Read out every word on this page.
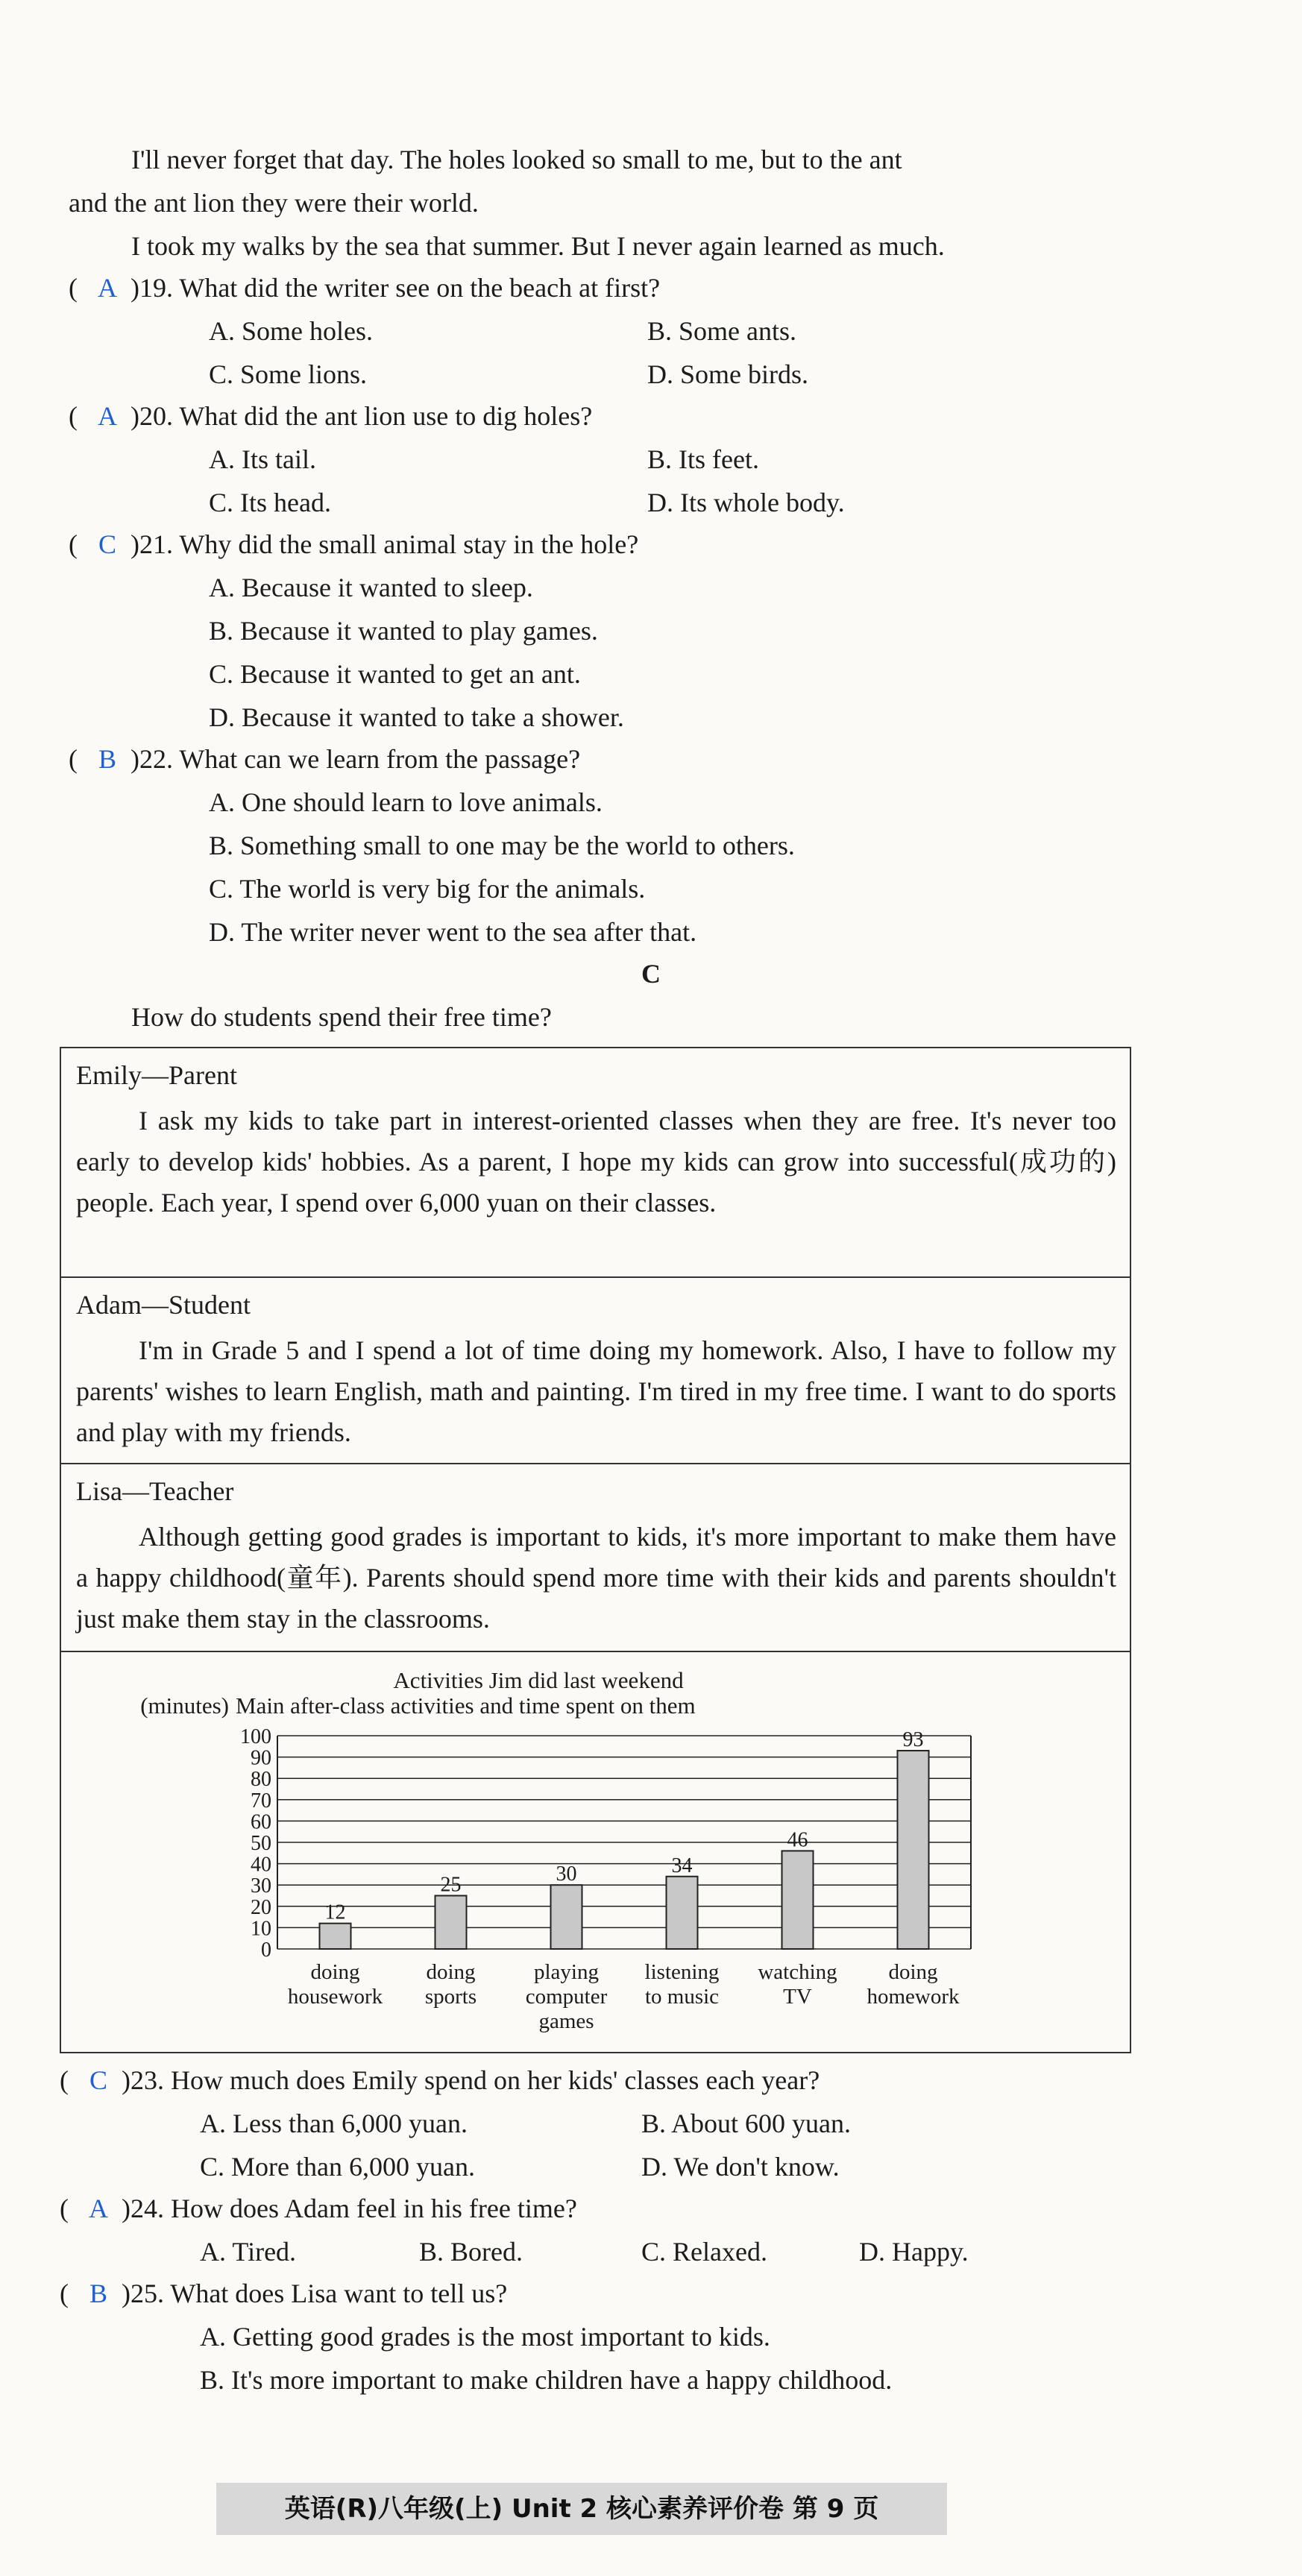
I'll never forget that day. The holes looked so small to me, but to the ant
and the ant lion they were their world.
I took my walks by the sea that summer. But I never again learned as much.
( A )19. What did the writer see on the beach at first?
A. Some holes.	B. Some ants.
C. Some lions.	D. Some birds.
( A )20. What did the ant lion use to dig holes?
A. Its tail.	B. Its feet.
C. Its head.	D. Its whole body.
( C )21. Why did the small animal stay in the hole?
A. Because it wanted to sleep.
B. Because it wanted to play games.
C. Because it wanted to get an ant.
D. Because it wanted to take a shower.
( B )22. What can we learn from the passage?
A. One should learn to love animals.
B. Something small to one may be the world to others.
C. The world is very big for the animals.
D. The writer never went to the sea after that.
C
How do students spend their free time?
Emily—Parent
I ask my kids to take part in interest-oriented classes when they are free. It's never too early to develop kids' hobbies. As a parent, I hope my kids can grow into successful(成功的) people. Each year, I spend over 6,000 yuan on their classes.
Adam—Student
I'm in Grade 5 and I spend a lot of time doing my homework. Also, I have to follow my parents' wishes to learn English, math and painting. I'm tired in my free time. I want to do sports and play with my friends.
Lisa—Teacher
Although getting good grades is important to kids, it's more important to make them have a happy childhood(童年). Parents should spend more time with their kids and parents shouldn't just make them stay in the classrooms.
Activities Jim did last weekend
(minutes) Main after-class activities and time spent on them
0
10
20
30
40
50
60
70
80
90
100
12
doing
housework
25
doing
sports
30
playing
computer
games
34
listening
to music
46
watching
TV
93
doing
homework
( C )23. How much does Emily spend on her kids' classes each year?
A. Less than 6,000 yuan.	B. About 600 yuan.
C. More than 6,000 yuan.	D. We don't know.
( A )24. How does Adam feel in his free time?
A. Tired.	B. Bored.	C. Relaxed.	D. Happy.
( B )25. What does Lisa want to tell us?
A. Getting good grades is the most important to kids.
B. It's more important to make children have a happy childhood.
英语(R)八年级(上) Unit 2 核心素养评价卷 第 9 页
